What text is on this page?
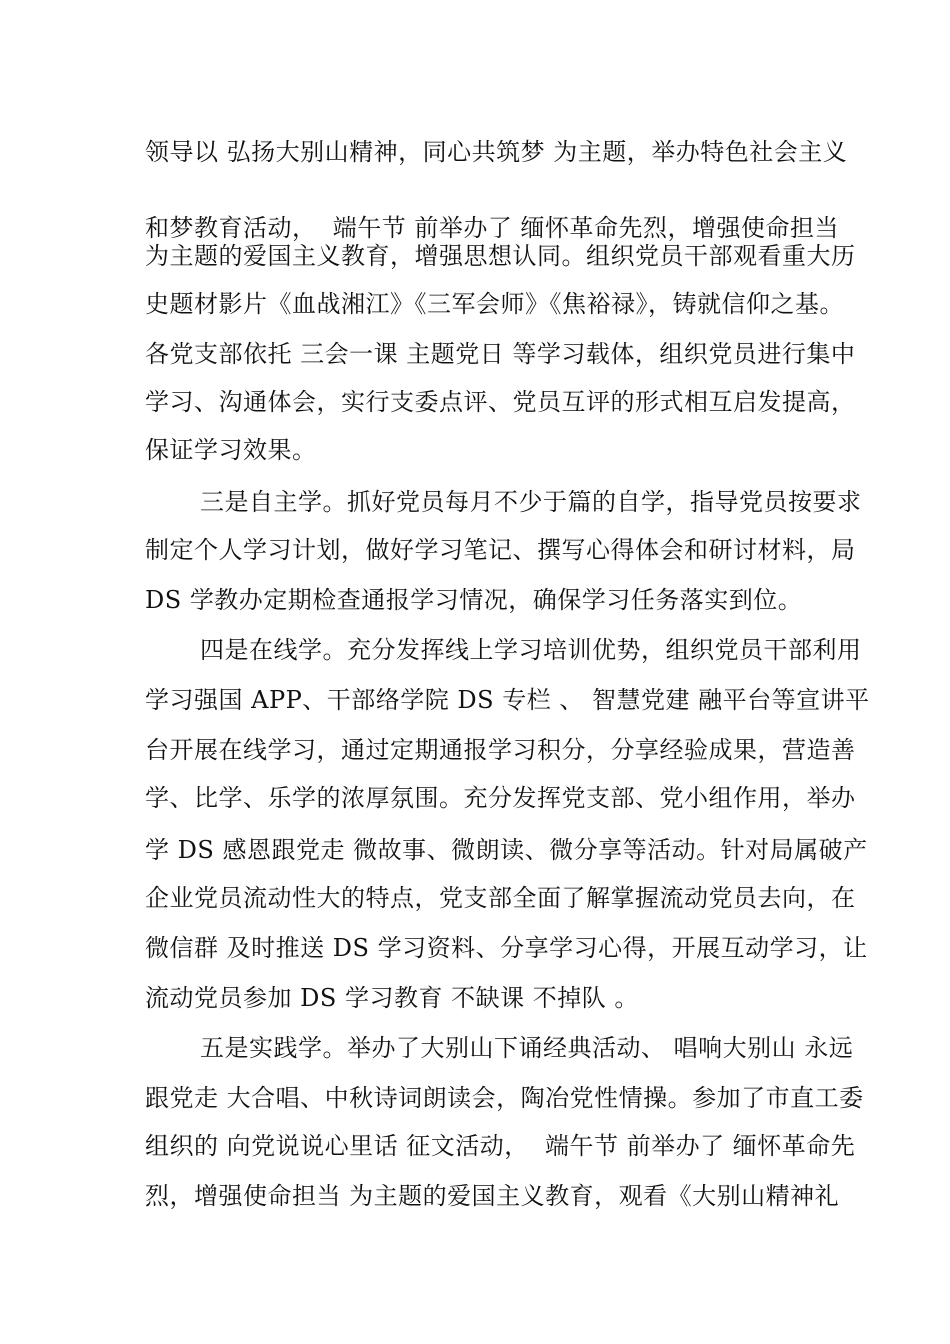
领导以 弘扬大别山精神，同心共筑梦 为主题，举办特色社会主义
和梦教育活动，  端午节 前举办了 缅怀革命先烈，增强使命担当
为主题的爱国主义教育，增强思想认同。组织党员干部观看重大历
史题材影片《血战湘江》《三军会师》《焦裕禄》，铸就信仰之基。
各党支部依托 三会一课 主题党日 等学习载体，组织党员进行集中
学习、沟通体会，实行支委点评、党员互评的形式相互启发提高，
保证学习效果。
三是自主学。抓好党员每月不少于篇的自学，指导党员按要求
制定个人学习计划，做好学习笔记、撰写心得体会和研讨材料，局
DS 学教办定期检查通报学习情况，确保学习任务落实到位。
四是在线学。充分发挥线上学习培训优势，组织党员干部利用
学习强国 APP、干部络学院 DS 专栏 、 智慧党建 融平台等宣讲平
台开展在线学习，通过定期通报学习积分，分享经验成果，营造善
学、比学、乐学的浓厚氛围。充分发挥党支部、党小组作用，举办
学 DS 感恩跟党走 微故事、微朗读、微分享等活动。针对局属破产
企业党员流动性大的特点，党支部全面了解掌握流动党员去向，在
微信群 及时推送 DS 学习资料、分享学习心得，开展互动学习，让
流动党员参加 DS 学习教育 不缺课 不掉队 。
五是实践学。举办了大别山下诵经典活动、 唱响大别山 永远
跟党走 大合唱、中秋诗词朗读会，陶冶党性情操。参加了市直工委
组织的 向党说说心里话 征文活动，  端午节 前举办了 缅怀革命先
烈，增强使命担当 为主题的爱国主义教育，观看《大别山精神礼
